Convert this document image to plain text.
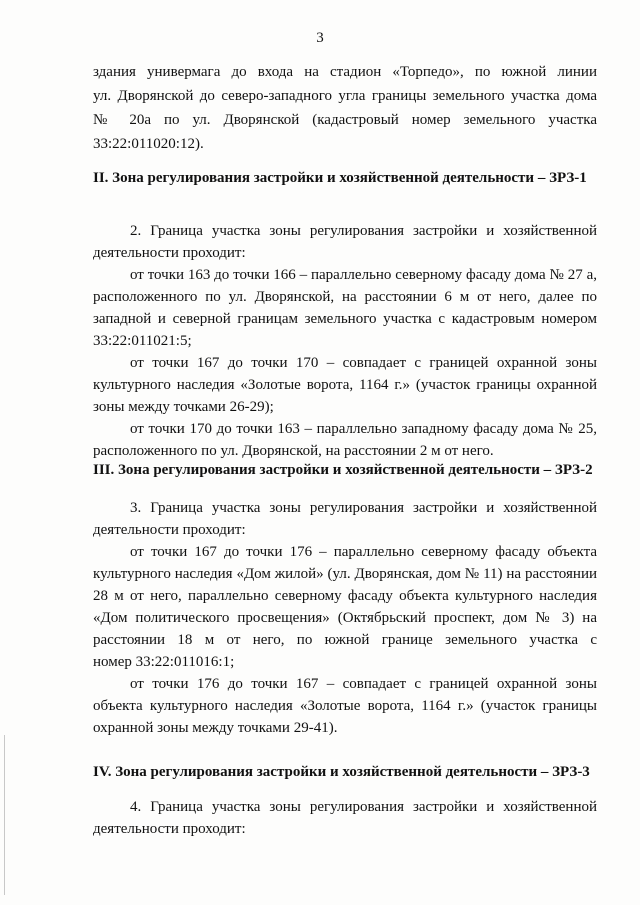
3
здания универмага до входа на стадион «Торпедо», по южной линии
ул. Дворянской до северо-западного угла границы земельного участка дома
№ 20а по ул. Дворянской (кадастровый номер земельного участка
33:22:011020:12).
II. Зона регулирования застройки и хозяйственной деятельности – ЗРЗ-1
2. Граница участка зоны регулирования застройки и хозяйственной
деятельности проходит:
от точки 163 до точки 166 – параллельно северному фасаду дома № 27 а,
расположенного по ул. Дворянской, на расстоянии 6 м от него, далее по
западной и северной границам земельного участка с кадастровым номером
33:22:011021:5;
от точки 167 до точки 170 – совпадает с границей охранной зоны
культурного наследия «Золотые ворота, 1164 г.» (участок границы охранной
зоны между точками 26-29);
от точки 170 до точки 163 – параллельно западному фасаду дома № 25,
расположенного по ул. Дворянской, на расстоянии 2 м от него.
III. Зона регулирования застройки и хозяйственной деятельности – ЗРЗ-2
3. Граница участка зоны регулирования застройки и хозяйственной
деятельности проходит:
от точки 167 до точки 176 – параллельно северному фасаду объекта
культурного наследия «Дом жилой» (ул. Дворянская, дом № 11) на расстоянии
28 м от него, параллельно северному фасаду объекта культурного наследия
«Дом политического просвещения» (Октябрьский проспект, дом № 3) на
расстоянии 18 м от него, по южной границе земельного участка с
номер 33:22:011016:1;
от точки 176 до точки 167 – совпадает с границей охранной зоны
объекта культурного наследия «Золотые ворота, 1164 г.» (участок границы
охранной зоны между точками 29-41).
IV. Зона регулирования застройки и хозяйственной деятельности – ЗРЗ-3
4. Граница участка зоны регулирования застройки и хозяйственной
деятельности проходит:
